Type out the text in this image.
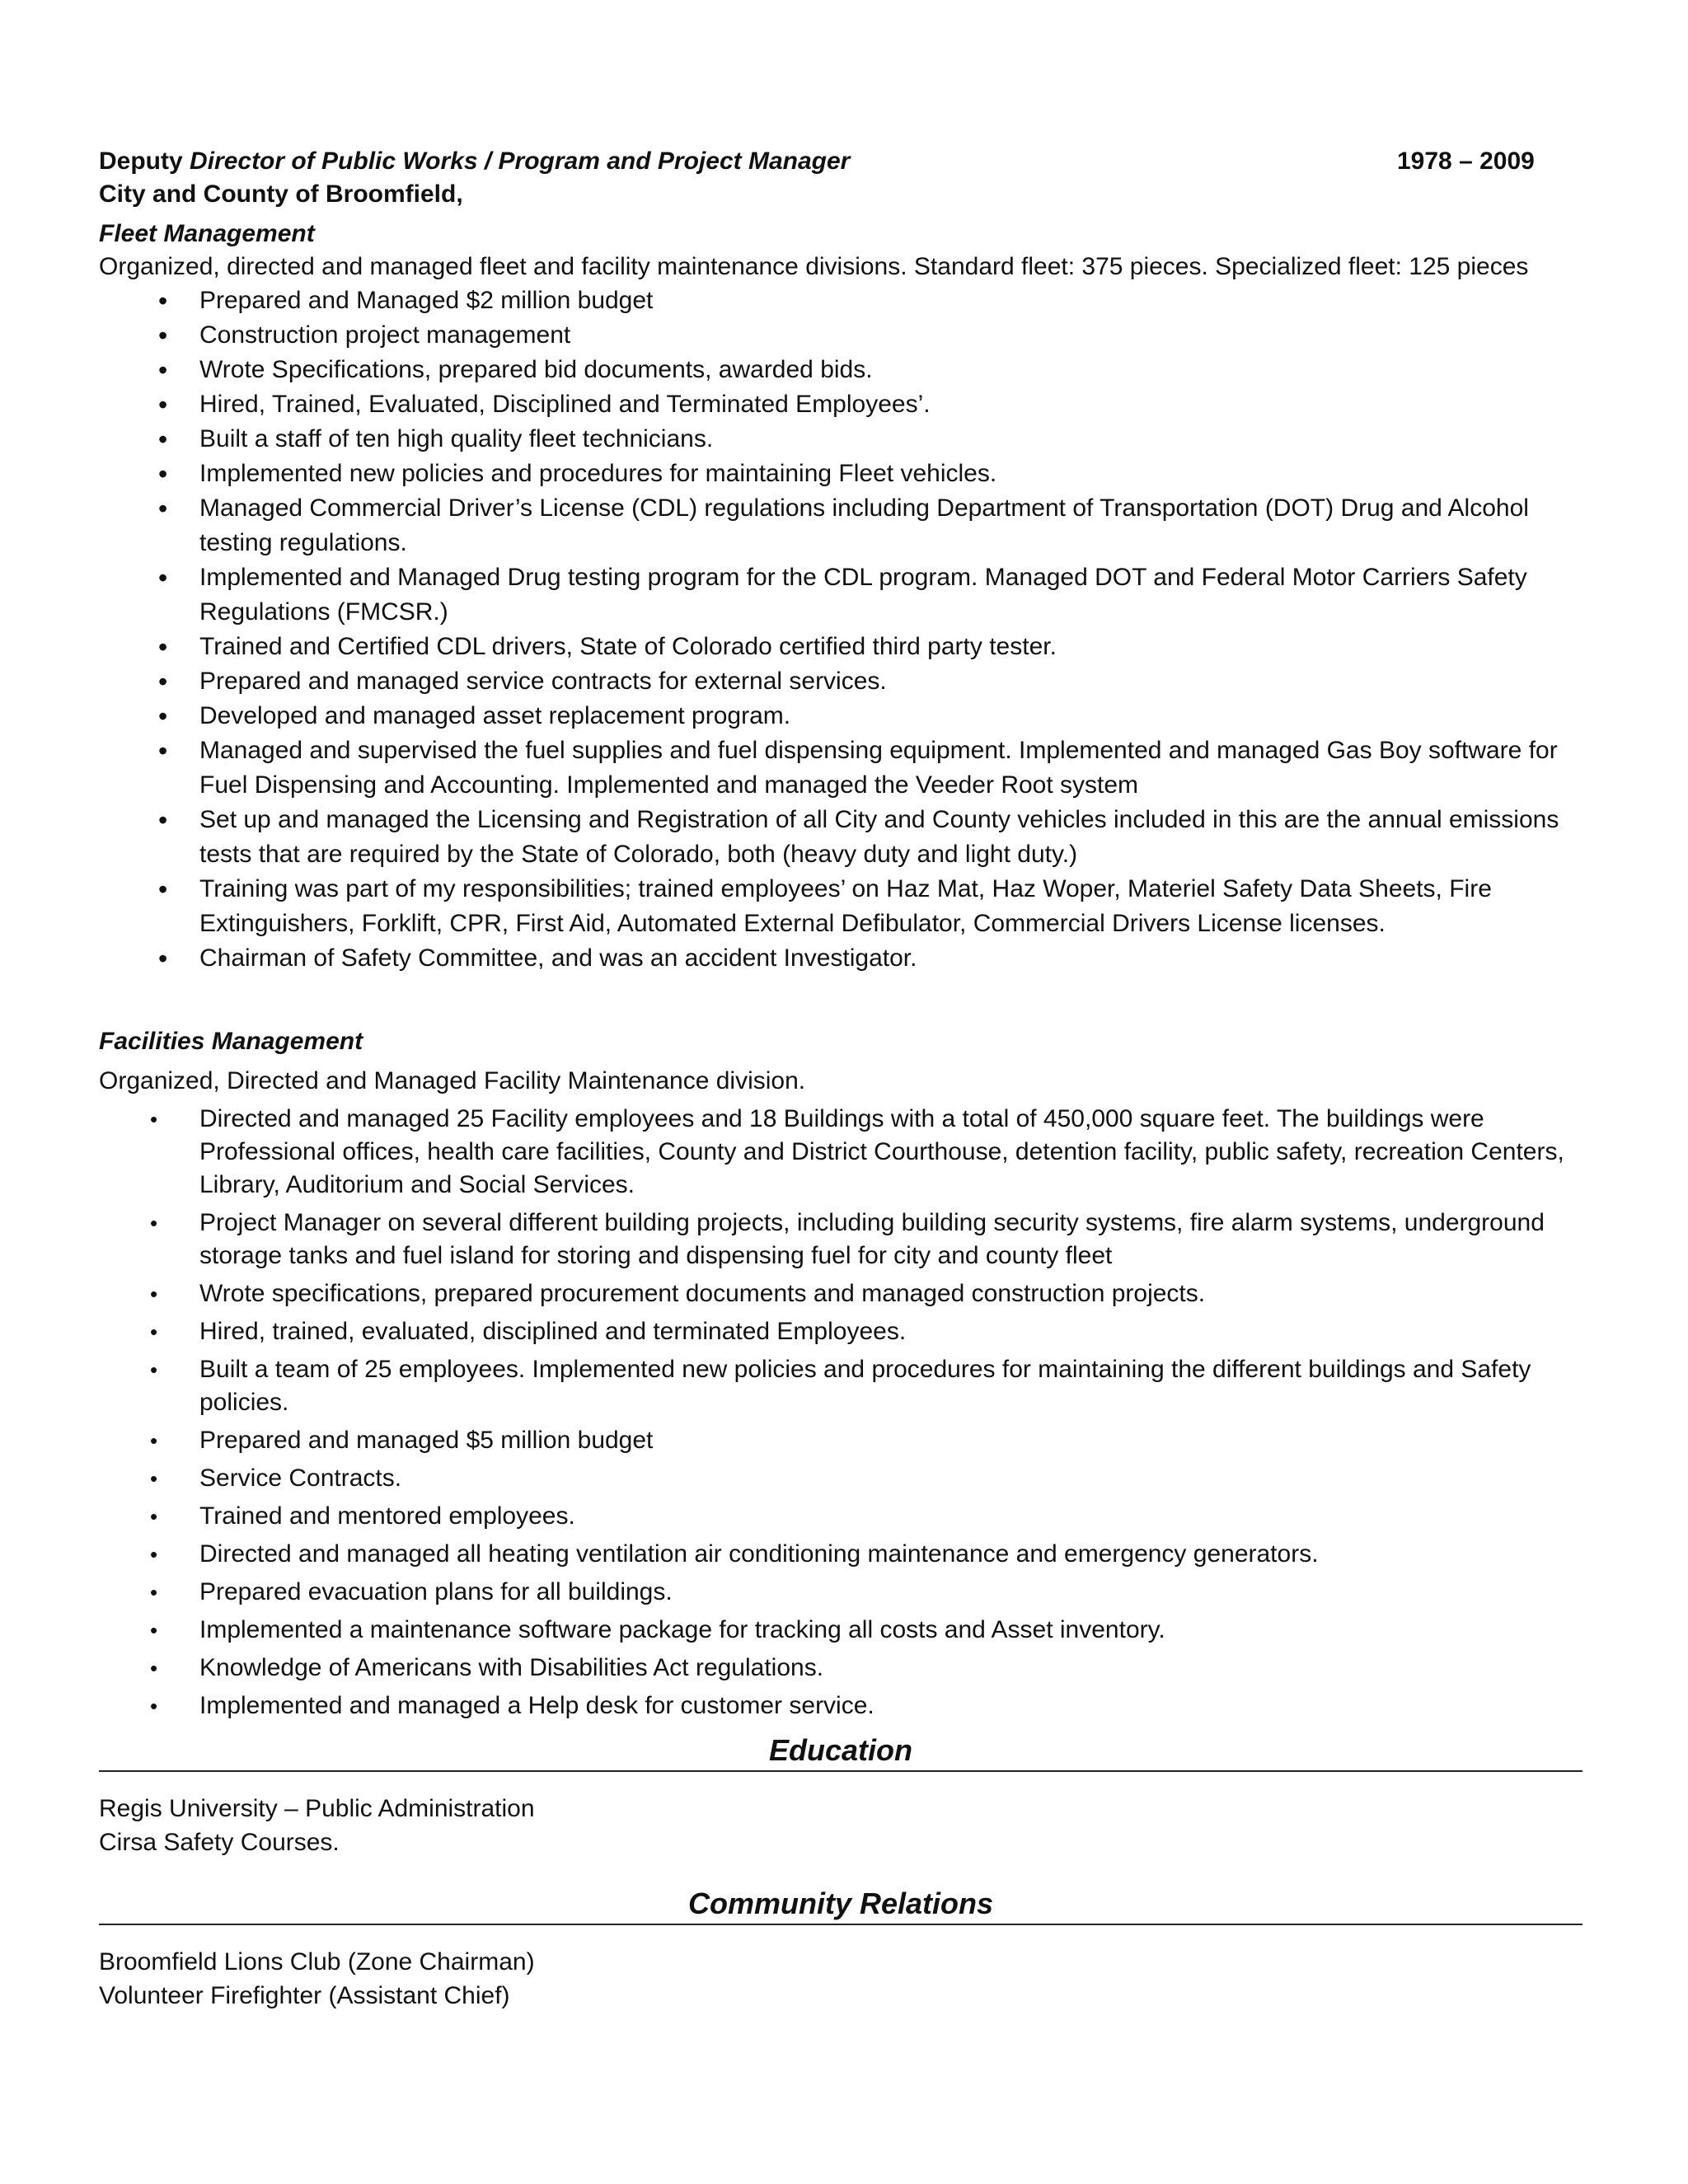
Deputy Director of Public Works / Program and Project Manager	1978 – 2009
City and County of Broomfield,
Fleet Management
Organized, directed and managed fleet and facility maintenance divisions. Standard fleet: 375 pieces. Specialized fleet: 125 pieces
• Prepared and Managed $2 million budget
• Construction project management
• Wrote Specifications, prepared bid documents, awarded bids.
• Hired, Trained, Evaluated, Disciplined and Terminated Employees’.
• Built a staff of ten high quality fleet technicians.
• Implemented new policies and procedures for maintaining Fleet vehicles.
• Managed Commercial Driver’s License (CDL) regulations including Department of Transportation (DOT) Drug and Alcohol testing regulations.
• Implemented and Managed Drug testing program for the CDL program. Managed DOT and Federal Motor Carriers Safety Regulations (FMCSR.)
• Trained and Certified CDL drivers, State of Colorado certified third party tester.
• Prepared and managed service contracts for external services.
• Developed and managed asset replacement program.
• Managed and supervised the fuel supplies and fuel dispensing equipment. Implemented and managed Gas Boy software for Fuel Dispensing and Accounting. Implemented and managed the Veeder Root system
• Set up and managed the Licensing and Registration of all City and County vehicles included in this are the annual emissions tests that are required by the State of Colorado, both (heavy duty and light duty.)
• Training was part of my responsibilities; trained employees’ on Haz Mat, Haz Woper, Materiel Safety Data Sheets, Fire Extinguishers, Forklift, CPR, First Aid, Automated External Defibulator, Commercial Drivers License licenses.
• Chairman of Safety Committee, and was an accident Investigator.
Facilities Management
Organized, Directed and Managed Facility Maintenance division.
• Directed and managed 25 Facility employees and 18 Buildings with a total of 450,000 square feet. The buildings were Professional offices, health care facilities, County and District Courthouse, detention facility, public safety, recreation Centers, Library, Auditorium and Social Services.
• Project Manager on several different building projects, including building security systems, fire alarm systems, underground storage tanks and fuel island for storing and dispensing fuel for city and county fleet
• Wrote specifications, prepared procurement documents and managed construction projects.
• Hired, trained, evaluated, disciplined and terminated Employees.
• Built a team of 25 employees. Implemented new policies and procedures for maintaining the different buildings and Safety policies.
• Prepared and managed $5 million budget
• Service Contracts.
• Trained and mentored employees.
• Directed and managed all heating ventilation air conditioning maintenance and emergency generators.
• Prepared evacuation plans for all buildings.
• Implemented a maintenance software package for tracking all costs and Asset inventory.
• Knowledge of Americans with Disabilities Act regulations.
• Implemented and managed a Help desk for customer service.
Education
Regis University – Public Administration
Cirsa Safety Courses.
Community Relations
Broomfield Lions Club (Zone Chairman)
Volunteer Firefighter (Assistant Chief)
